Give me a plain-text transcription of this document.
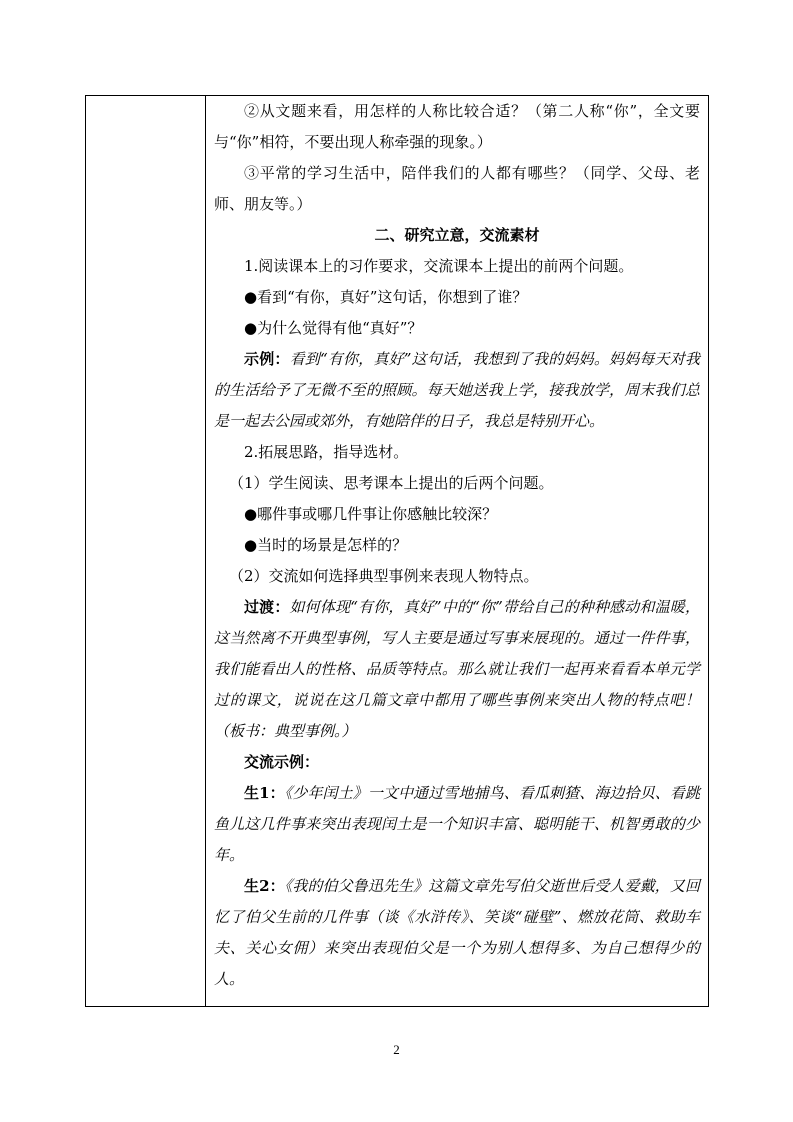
②从文题来看，用怎样的人称比较合适？（第二人称“你”，全文要与“你”相符，不要出现人称牵强的现象。）

③平常的学习生活中，陪伴我们的人都有哪些？（同学、父母、老师、朋友等。）

二、研究立意，交流素材

1.阅读课本上的习作要求，交流课本上提出的前两个问题。

●看到“有你，真好”这句话，你想到了谁？

●为什么觉得有他“真好”？

示例：看到“有你，真好”这句话，我想到了我的妈妈。妈妈每天对我的生活给予了无微不至的照顾。每天她送我上学，接我放学，周末我们总是一起去公园或郊外，有她陪伴的日子，我总是特别开心。

2.拓展思路，指导选材。

（1）学生阅读、思考课本上提出的后两个问题。

●哪件事或哪几件事让你感触比较深？

●当时的场景是怎样的？

（2）交流如何选择典型事例来表现人物特点。

过渡：如何体现“有你，真好”中的“你”带给自己的种种感动和温暖，这当然离不开典型事例，写人主要是通过写事来展现的。通过一件件事，我们能看出人的性格、品质等特点。那么就让我们一起再来看看本单元学过的课文，说说在这几篇文章中都用了哪些事例来突出人物的特点吧！（板书：典型事例。）

交流示例：

生1：《少年闰土》一文中通过雪地捕鸟、看瓜刺猹、海边拾贝、看跳鱼儿这几件事来突出表现闰土是一个知识丰富、聪明能干、机智勇敢的少年。

生2：《我的伯父鲁迅先生》这篇文章先写伯父逝世后受人爱戴，又回忆了伯父生前的几件事（谈《水浒传》、笑谈“碰壁”、燃放花筒、救助车夫、关心女佣）来突出表现伯父是一个为别人想得多、为自己想得少的人。

2
